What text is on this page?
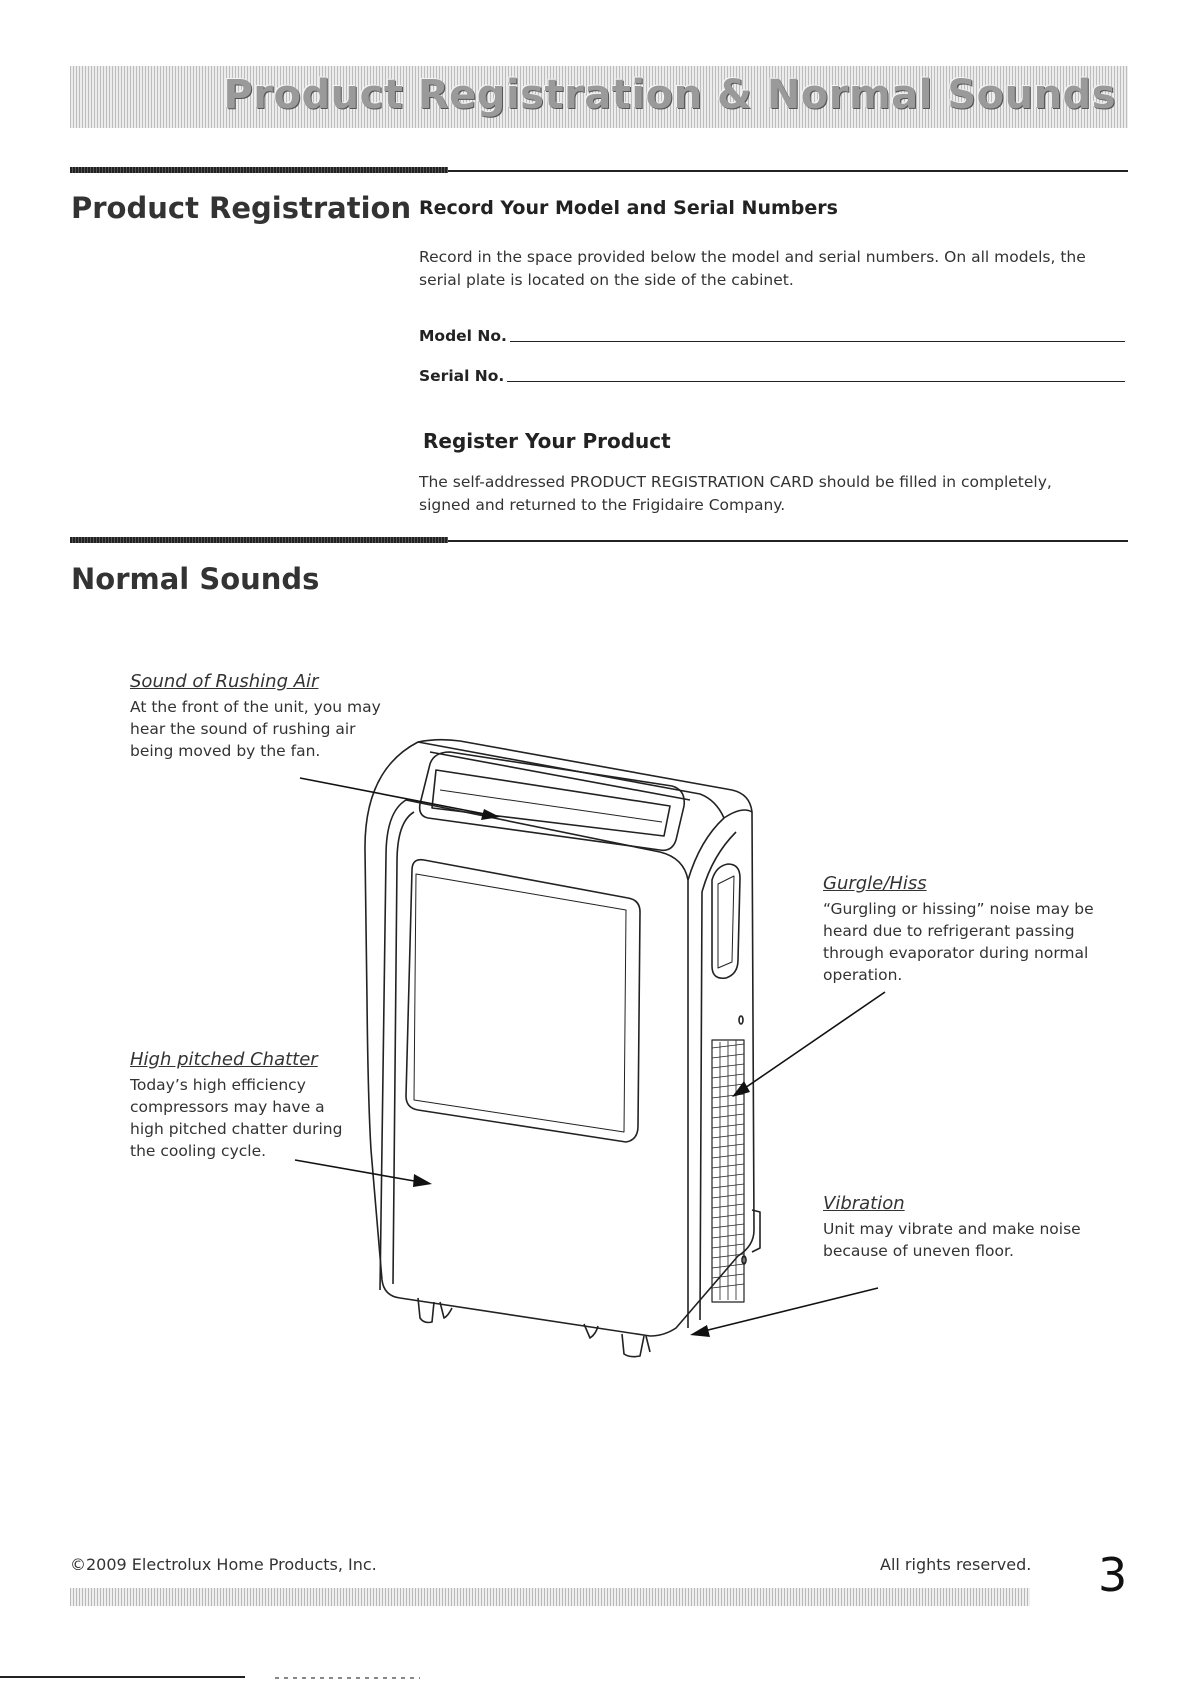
Product Registration & Normal Sounds
Product Registration Record Your Model and Serial Numbers

Record in the space provided below the model and serial numbers. On all models, the

serial plate is located on the side of the cabinet.

Model No.
Serial No.
Register Your Product

The self-addressed PRODUCT REGISTRATION CARD should be filled in completely,

signed and returned to the Frigidaire Company.

Normal Sounds

Sound of Rushing Air

At the front of the unit, you may

hear the sound of rushing air

being moved by the fan.

High pitched Chatter

Today’s high efficiency

compressors may have a

high pitched chatter during

the cooling cycle.

Gurgle/Hiss

“Gurgling or hissing” noise may be

heard due to refrigerant passing

through evaporator during normal

operation.

Vibration

Unit may vibrate and make noise

because of uneven floor.

©2009 Electrolux Home Products, Inc.	All rights reserved. 3
